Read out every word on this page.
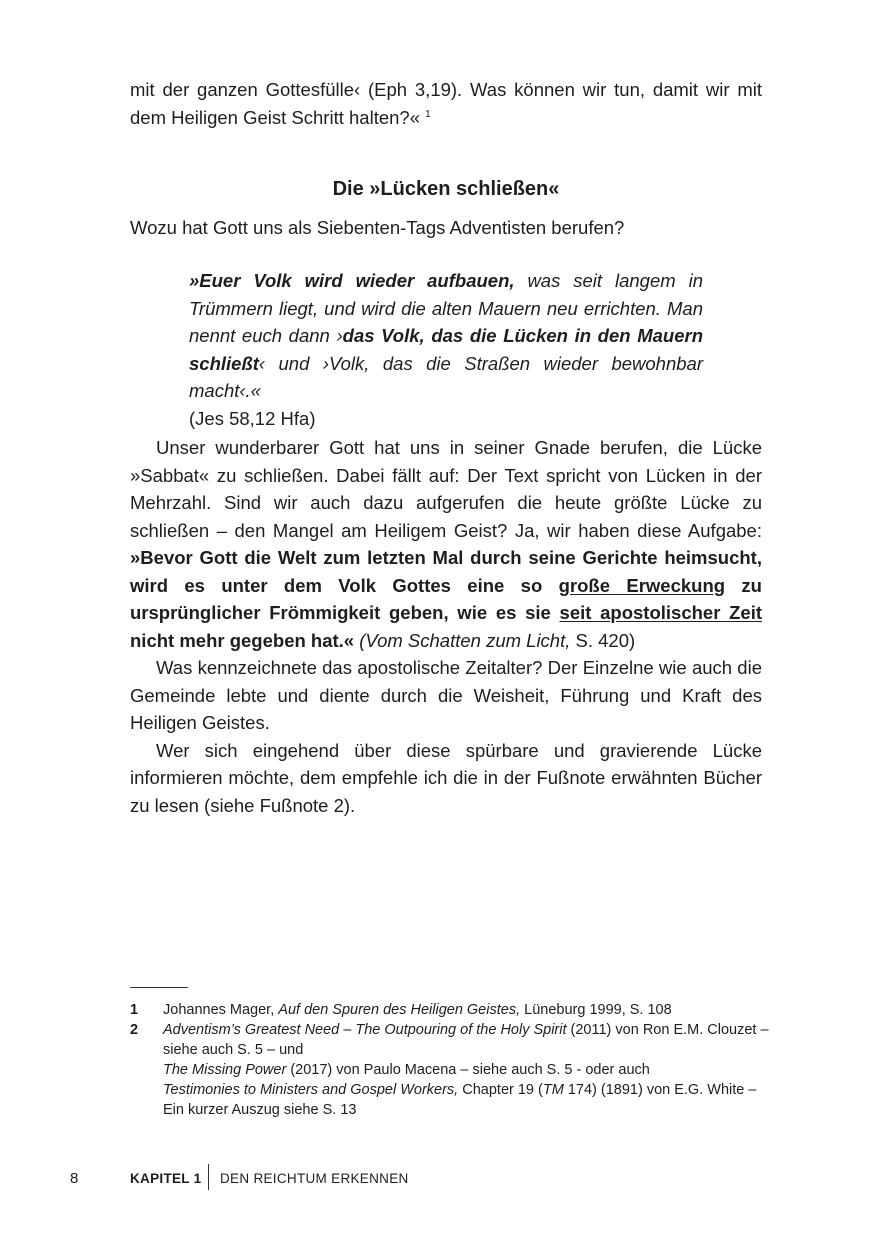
mit der ganzen Gottesfülle‹ (Eph 3,19). Was können wir tun, damit wir mit dem Heiligen Geist Schritt halten?« $^1$

Die »Lücken schließen«

Wozu hat Gott uns als Siebenten-Tags Adventisten berufen?

»Euer Volk wird wieder aufbauen, was seit langem in Trümmern liegt, und wird die alten Mauern neu errichten. Man nennt euch dann ›das Volk, das die Lücken in den Mauern schließt‹ und ›Volk, das die Straßen wieder bewohnbar macht‹.«
(Jes 58,12 Hfa)

Unser wunderbarer Gott hat uns in seiner Gnade berufen, die Lücke »Sabbat« zu schließen. Dabei fällt auf: Der Text spricht von Lücken in der Mehrzahl. Sind wir auch dazu aufgerufen die heute größte Lücke zu schließen – den Mangel am Heiligem Geist? Ja, wir haben diese Aufgabe: »Bevor Gott die Welt zum letzten Mal durch seine Gerichte heimsucht, wird es unter dem Volk Gottes eine so große Erweckung zu ursprünglicher Frömmigkeit geben, wie es sie seit apostolischer Zeit nicht mehr gegeben hat.« (Vom Schatten zum Licht, S. 420)

Was kennzeichnete das apostolische Zeitalter? Der Einzelne wie auch die Gemeinde lebte und diente durch die Weisheit, Führung und Kraft des Heiligen Geistes.

Wer sich eingehend über diese spürbare und gravierende Lücke informieren möchte, dem empfehle ich die in der Fußnote erwähnten Bücher zu lesen (siehe Fußnote 2).

1	Johannes Mager, Auf den Spuren des Heiligen Geistes, Lüneburg 1999, S. 108
2	Adventism’s Greatest Need – The Outpouring of the Holy Spirit (2011) von Ron E.M. Clouzet – siehe auch S. 5 – und
The Missing Power (2017) von Paulo Macena – siehe auch S. 5 - oder auch
Testimonies to Ministers and Gospel Workers, Chapter 19 (TM 174) (1891) von E.G. White – Ein kurzer Auszug siehe S. 13
8	KAPITEL 1 DEN REICHTUM ERKENNEN
